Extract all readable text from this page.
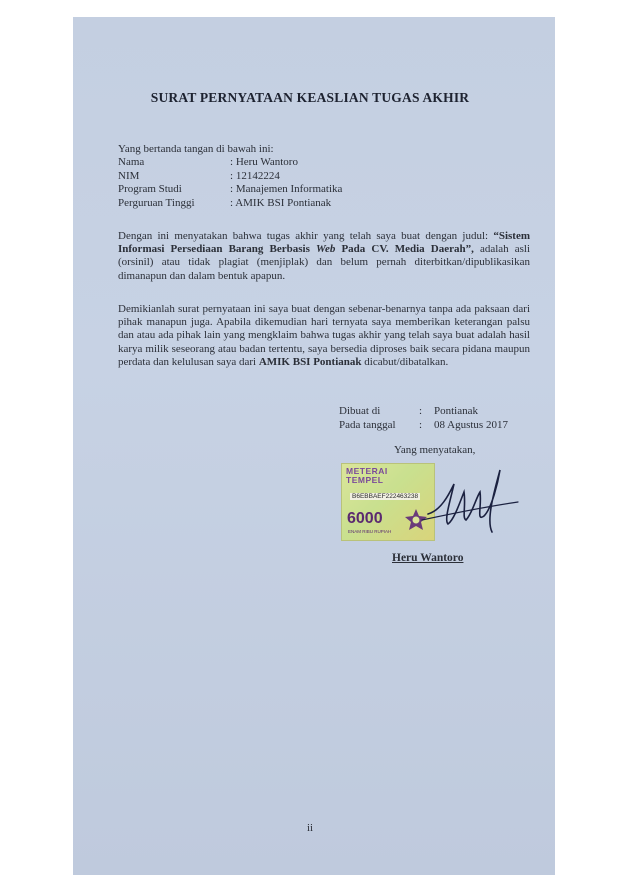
SURAT PERNYATAAN KEASLIAN TUGAS AKHIR
Yang bertanda tangan di bawah ini:
Nama	: Heru Wantoro
NIM	: 12142224
Program Studi	: Manajemen Informatika
Perguruan Tinggi	: AMIK BSI Pontianak
Dengan ini menyatakan bahwa tugas akhir yang telah saya buat dengan judul: “Sistem Informasi Persediaan Barang Berbasis Web Pada CV. Media Daerah”, adalah asli (orsinil) atau tidak plagiat (menjiplak) dan belum pernah diterbitkan/dipublikasikan dimanapun dan dalam bentuk apapun.
Demikianlah surat pernyataan ini saya buat dengan sebenar-benarnya tanpa ada paksaan dari pihak manapun juga. Apabila dikemudian hari ternyata saya memberikan keterangan palsu dan atau ada pihak lain yang mengklaim bahwa tugas akhir yang telah saya buat adalah hasil karya milik seseorang atau badan tertentu, saya bersedia diproses baik secara pidana maupun perdata dan kelulusan saya dari AMIK BSI Pontianak dicabut/dibatalkan.
Dibuat di	:	Pontianak
Pada tanggal	:	08 Agustus 2017
Yang menyatakan,
METERAI
TEMPEL
B6EBBAEF222463238
6000
ENAM RIBU RUPIAH
Heru Wantoro
ii
